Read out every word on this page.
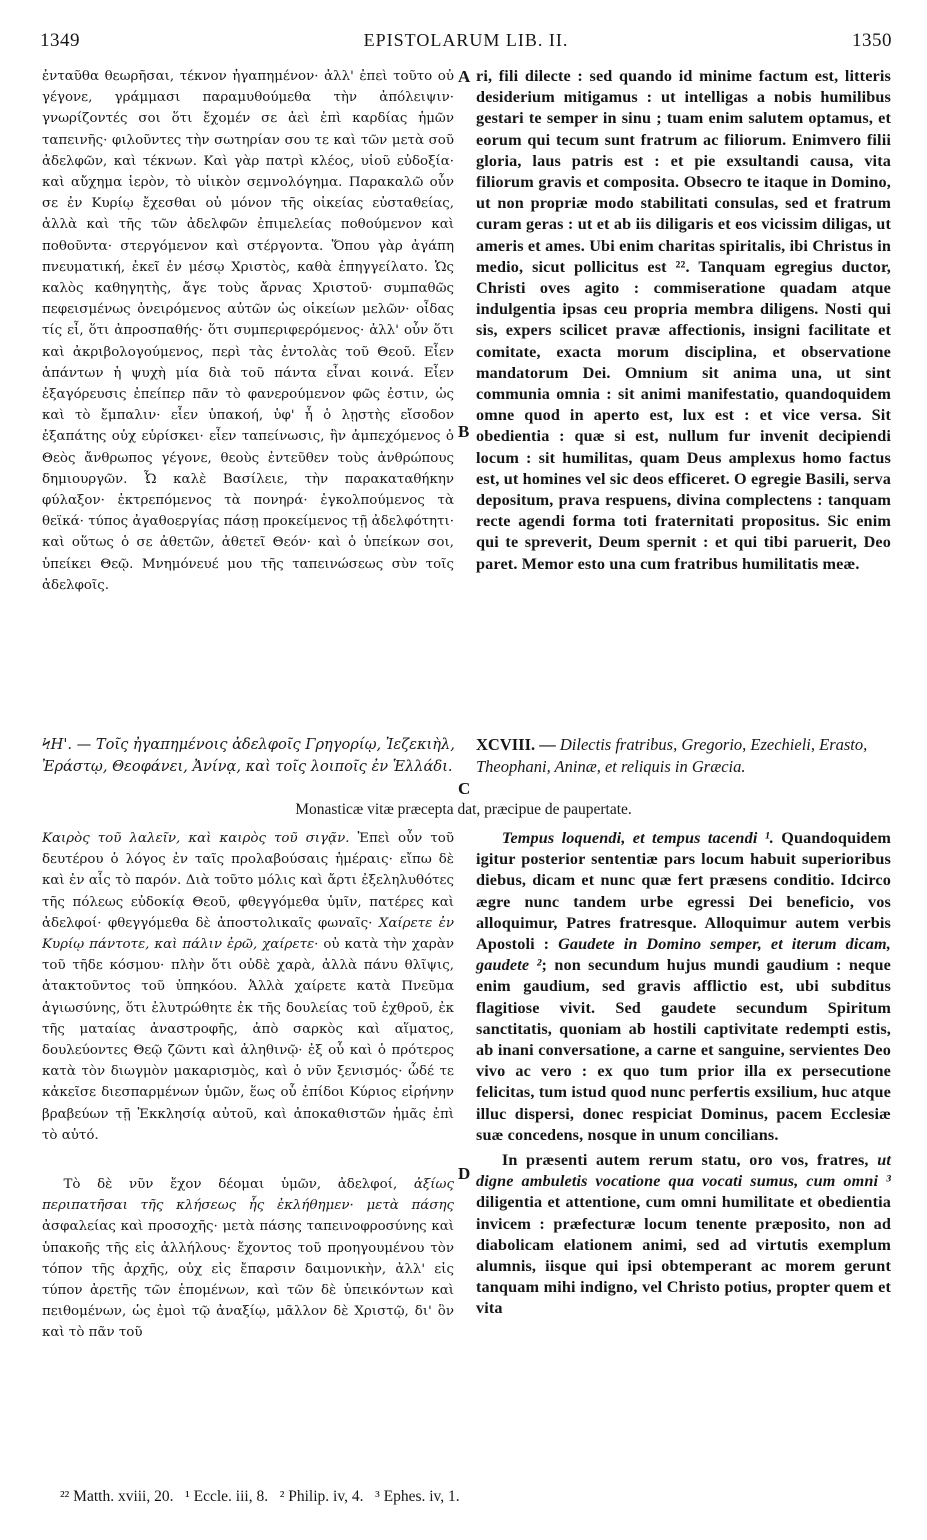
1349	EPISTOLARUM LIB. II.	1350

ἐνταῦθα θεωρῆσαι, τέκνον ἠγαπημένον· ἀλλ' ἐπεὶ τοῦτο οὐ γέγονε, γράμμασι παραμυθούμεθα τὴν ἀπόλειψιν· γνωρίζοντές σοι ὅτι ἔχομέν σε ἀεὶ ἐπὶ καρδίας ἡμῶν ταπεινῆς· φιλοῦντες τὴν σωτηρίαν σου τε καὶ τῶν μετὰ σοῦ ἀδελφῶν, καὶ τέκνων. Καὶ γὰρ πατρὶ κλέος, υἱοῦ εὐδοξία· καὶ αὔχημα ἱερὸν, τὸ υἱικὸν σεμνολόγημα. Παρακαλῶ οὖν σε ἐν Κυρίῳ ἔχεσθαι οὐ μόνον τῆς οἰκείας εὐσταθείας, ἀλλὰ καὶ τῆς τῶν ἀδελφῶν ἐπιμελείας ποθούμενον καὶ ποθοῦντα· στεργόμενον καὶ στέργοντα. Ὅπου γὰρ ἀγάπη πνευματική, ἐκεῖ ἐν μέσῳ Χριστὸς, καθὰ ἐπηγγείλατο. Ὡς καλὸς καθηγητὴς, ἄγε τοὺς ἄρνας Χριστοῦ· συμπαθῶς πεφεισμένως ὀνειρόμενος αὐτῶν ὡς οἰκείων μελῶν· οἶδας τίς εἶ, ὅτι ἀπροσπαθής· ὅτι συμπεριφερόμενος· ἀλλ' οὖν ὅτι καὶ ἀκριβολογούμενος, περὶ τὰς ἐντολὰς τοῦ Θεοῦ. Εἶεν ἁπάντων ἡ ψυχὴ μία διὰ τοῦ πάντα εἶναι κοινά. Εἶεν ἐξαγόρευσις ἐπείπερ πᾶν τὸ φανερούμενον φῶς ἐστιν, ὡς καὶ τὸ ἔμπαλιν· εἶεν ὑπακοή, ὑφ' ἧ ὁ λῃστὴς εἴσοδον ἐξαπάτης οὐχ εὑρίσκει· εἶεν ταπείνωσις, ἣν ἀμπεχόμενος ὁ Θεὸς ἄνθρωπος γέγονε, θεοὺς ἐντεῦθεν τοὺς ἀνθρώπους δημιουργῶν. Ὦ καλὲ Βασίλειε, τὴν παρακαταθήκην φύλαξον· ἐκτρεπόμενος τὰ πονηρά· ἐγκολπούμενος τὰ θεϊκά· τύπος ἀγαθοεργίας πάσῃ προκείμενος τῇ ἀδελφότητι· καὶ οὕτως ὁ σε ἀθετῶν, ἀθετεῖ Θεόν· καὶ ὁ ὑπείκων σοι, ὑπείκει Θεῷ. Μνημόνευέ μου τῆς ταπεινώσεως σὺν τοῖς ἀδελφοῖς.

ri, fili dilecte : sed quando id minime factum est, litteris desiderium mitigamus : ut intelligas a nobis humilibus gestari te semper in sinu ; tuam enim salutem optamus, et eorum qui tecum sunt fratrum ac filiorum. Enimvero filii gloria, laus patris est : et pie exsultandi causa, vita filiorum gravis et composita. Obsecro te itaque in Domino, ut non propriæ modo stabilitati consulas, sed et fratrum curam geras : ut et ab iis diligaris et eos vicissim diligas, ut ameris et ames. Ubi enim charitas spiritalis, ibi Christus in medio, sicut pollicitus est ²². Tanquam egregius ductor, Christi oves agito : commiseratione quadam atque indulgentia ipsas ceu propria membra diligens. Nosti qui sis, expers scilicet pravæ affectionis, insigni facilitate et comitate, exacta morum disciplina, et observatione mandatorum Dei. Omnium sit anima una, ut sint communia omnia : sit animi manifestatio, quandoquidem omne quod in aperto est, lux est : et vice versa. Sit obedientia : quæ si est, nullum fur invenit decipiendi locum : sit humilitas, quam Deus amplexus homo factus est, ut homines vel sic deos efficeret. O egregie Basili, serva depositum, prava respuens, divina complectens : tanquam recte agendi forma toti fraternitati propositus. Sic enim qui te spreverit, Deum spernit : et qui tibi paruerit, Deo paret. Memor esto una cum fratribus humilitatis meæ.

A
B
C
D
ϞΗ'. — Τοῖς ἠγαπημένοις ἀδελφοῖς Γρηγορίῳ, Ἰεζεκιὴλ, Ἐράστῳ, Θεοφάνει, Ἀνίνᾳ, καὶ τοῖς λοιποῖς ἐν Ἑλλάδι.
XCVIII. — Dilectis fratribus, Gregorio, Ezechieli, Erasto, Theophani, Aninæ, et reliquis in Græcia.
Monasticæ vitæ præcepta dat, præcipue de paupertate.

Καιρὸς τοῦ λαλεῖν, καὶ καιρὸς τοῦ σιγᾷν. Ἐπεὶ οὖν τοῦ δευτέρου ὁ λόγος ἐν ταῖς προλαβούσαις ἡμέραις· εἴπω δὲ καὶ ἐν αἷς τὸ παρόν. Διὰ τοῦτο μόλις καὶ ἄρτι ἐξεληλυθότες τῆς πόλεως εὐδοκίᾳ Θεοῦ, φθεγγόμεθα ὑμῖν, πατέρες καὶ ἀδελφοί· φθεγγόμεθα δὲ ἀποστολικαῖς φωναῖς· Χαίρετε ἐν Κυρίῳ πάντοτε, καὶ πάλιν ἐρῶ, χαίρετε· οὐ κατὰ τὴν χαρὰν τοῦ τῆδε κόσμου· πλὴν ὅτι οὐδὲ χαρὰ, ἀλλὰ πάνυ θλῖψις, ἀτακτοῦντος τοῦ ὑπηκόου. Ἀλλὰ χαίρετε κατὰ Πνεῦμα ἁγιωσύνης, ὅτι ἐλυτρώθητε ἐκ τῆς δουλείας τοῦ ἐχθροῦ, ἐκ τῆς ματαίας ἀναστροφῆς, ἀπὸ σαρκὸς καὶ αἵματος, δουλεύοντες Θεῷ ζῶντι καὶ ἀληθινῷ· ἐξ οὗ καὶ ὁ πρότερος κατὰ τὸν διωγμὸν μακαρισμὸς, καὶ ὁ νῦν ξενισμός· ὧδέ τε κἀκεῖσε διεσπαρμένων ὑμῶν, ἕως οὗ ἐπίδοι Κύριος εἰρήνην βραβεύων τῇ Ἐκκλησίᾳ αὐτοῦ, καὶ ἀποκαθιστῶν ἡμᾶς ἐπὶ τὸ αὐτό.

Τὸ δὲ νῦν ἔχον δέομαι ὑμῶν, ἀδελφοί, ἀξίως περιπατῆσαι τῆς κλήσεως ἧς ἐκλήθημεν· μετὰ πάσης ἀσφαλείας καὶ προσοχῆς· μετὰ πάσης ταπεινοφροσύνης καὶ ὑπακοῆς τῆς εἰς ἀλλήλους· ἔχοντος τοῦ προηγουμένου τὸν τόπον τῆς ἀρχῆς, οὐχ εἰς ἔπαρσιν δαιμονικὴν, ἀλλ' εἰς τύπον ἀρετῆς τῶν ἑπομένων, καὶ τῶν δὲ ὑπεικόντων καὶ πειθομένων, ὡς ἐμοὶ τῷ ἀναξίῳ, μᾶλλον δὲ Χριστῷ, δι' ὃν καὶ τὸ πᾶν τοῦ

Tempus loquendi, et tempus tacendi ¹. Quandoquidem igitur posterior sententiæ pars locum habuit superioribus diebus, dicam et nunc quæ fert præsens conditio. Idcirco ægre nunc tandem urbe egressi Dei beneficio, vos alloquimur, Patres fratresque. Alloquimur autem verbis Apostoli : Gaudete in Domino semper, et iterum dicam, gaudete ²; non secundum hujus mundi gaudium : neque enim gaudium, sed gravis afflictio est, ubi subditus flagitiose vivit. Sed gaudete secundum Spiritum sanctitatis, quoniam ab hostili captivitate redempti estis, ab inani conversatione, a carne et sanguine, servientes Deo vivo ac vero : ex quo tum prior illa ex persecutione felicitas, tum istud quod nunc perfertis exsilium, huc atque illuc dispersi, donec respiciat Dominus, pacem Ecclesiæ suæ concedens, nosque in unum concilians.

In præsenti autem rerum statu, oro vos, fratres, ut digne ambuletis vocatione qua vocati sumus, cum omni ³ diligentia et attentione, cum omni humilitate et obedientia invicem : præfecturæ locum tenente præposito, non ad diabolicam elationem animi, sed ad virtutis exemplum alumnis, iisque qui ipsi obtemperant ac morem gerunt tanquam mihi indigno, vel Christo potius, propter quem et vita

²² Matth. xviii, 20.   ¹ Eccle. iii, 8.   ² Philip. iv, 4.   ³ Ephes. iv, 1.
